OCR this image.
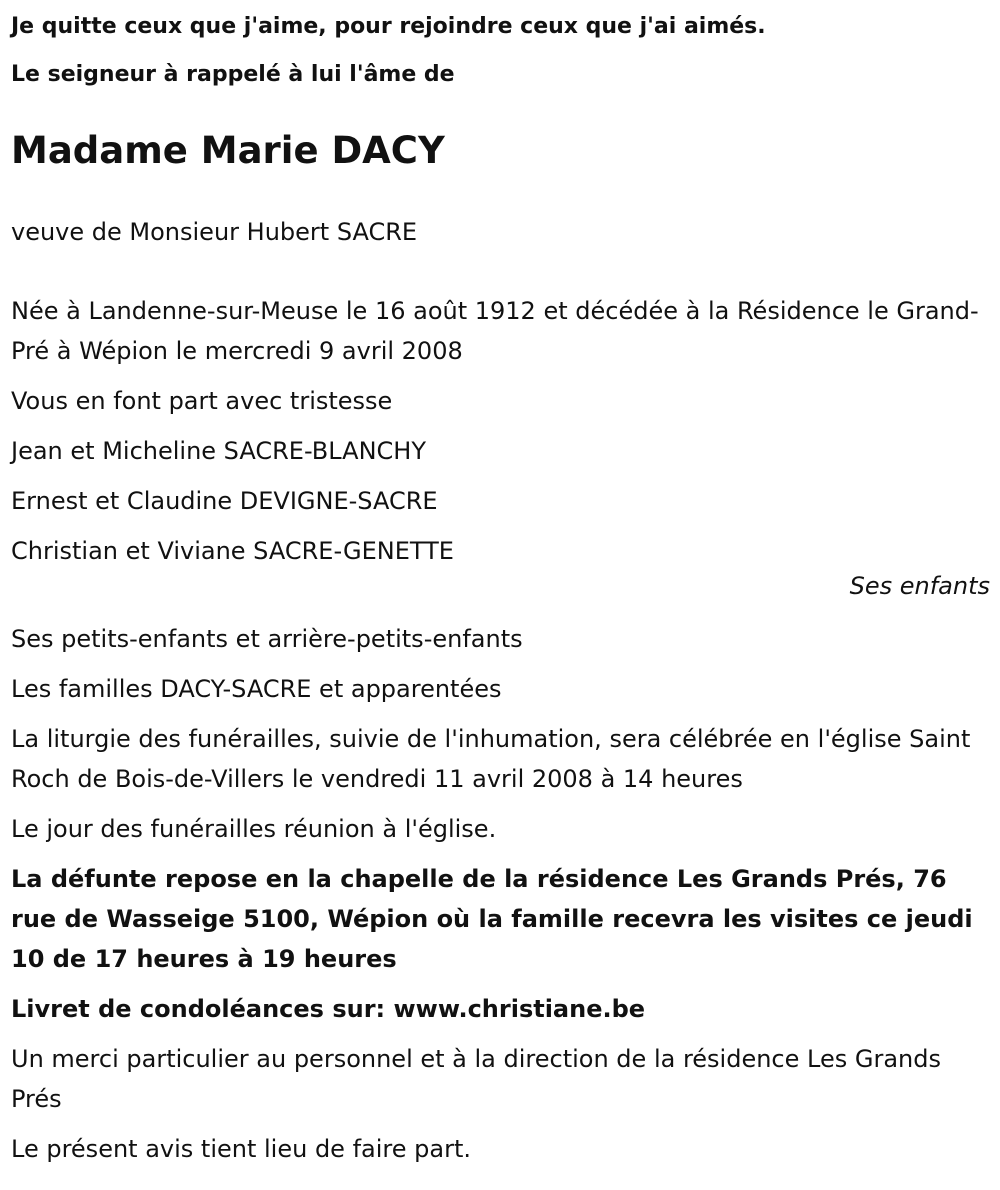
Je quitte ceux que j'aime, pour rejoindre ceux que j'ai aimés.

Le seigneur à rappelé à lui l'âme de

Madame Marie DACY

veuve de Monsieur Hubert SACRE

Née à Landenne-sur-Meuse le 16 août 1912 et décédée à la Résidence le Grand-Pré à Wépion le mercredi 9 avril 2008

Vous en font part avec tristesse

Jean et Micheline SACRE-BLANCHY

Ernest et Claudine DEVIGNE-SACRE

Christian et Viviane SACRE-GENETTE

Ses enfants

Ses petits-enfants et arrière-petits-enfants

Les familles DACY-SACRE et apparentées

La liturgie des funérailles, suivie de l'inhumation, sera célébrée en l'église Saint Roch de Bois-de-Villers le vendredi 11 avril 2008 à 14 heures

Le jour des funérailles réunion à l'église.

La défunte repose en la chapelle de la résidence Les Grands Prés, 76 rue de Wasseige 5100, Wépion où la famille recevra les visites ce jeudi 10 de 17 heures à 19 heures

Livret de condoléances sur: www.christiane.be

Un merci particulier au personnel et à la direction de la résidence Les Grands Prés

Le présent avis tient lieu de faire part.
